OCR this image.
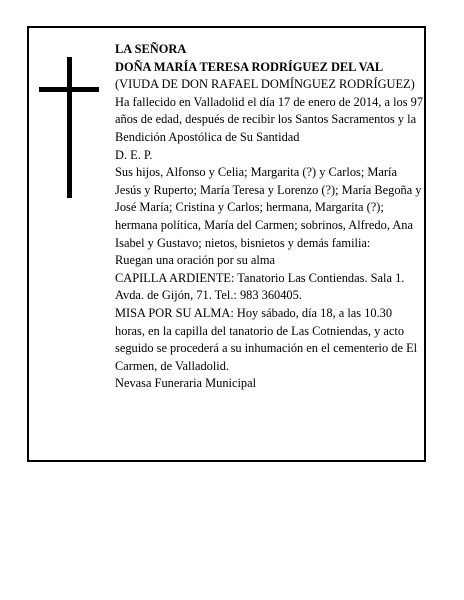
LA SEÑORA

DOÑA MARÍA TERESA RODRÍGUEZ DEL VAL

(VIUDA DE DON RAFAEL DOMÍNGUEZ RODRÍGUEZ)

Ha fallecido en Valladolid el día 17 de enero de 2014, a los 97 años de edad, después de recibir los Santos Sacramentos y la Bendición Apostólica de Su Santidad

D. E. P.

Sus hijos, Alfonso y Celia; Margarita (?) y Carlos; María Jesús y Ruperto; María Teresa y Lorenzo (?); María Begoña y José María; Cristina y Carlos; hermana, Margarita (?); hermana política, María del Carmen; sobrinos, Alfredo, Ana Isabel y Gustavo; nietos, bisnietos y demás familia:

Ruegan una oración por su alma

CAPILLA ARDIENTE: Tanatorio Las Contiendas. Sala 1. Avda. de Gijón, 71. Tel.: 983 360405.

MISA POR SU ALMA: Hoy sábado, día 18, a las 10.30 horas, en la capilla del tanatorio de Las Cotniendas, y acto seguido se procederá a su inhumación en el cementerio de El Carmen, de Valladolid.

Nevasa Funeraria Municipal
